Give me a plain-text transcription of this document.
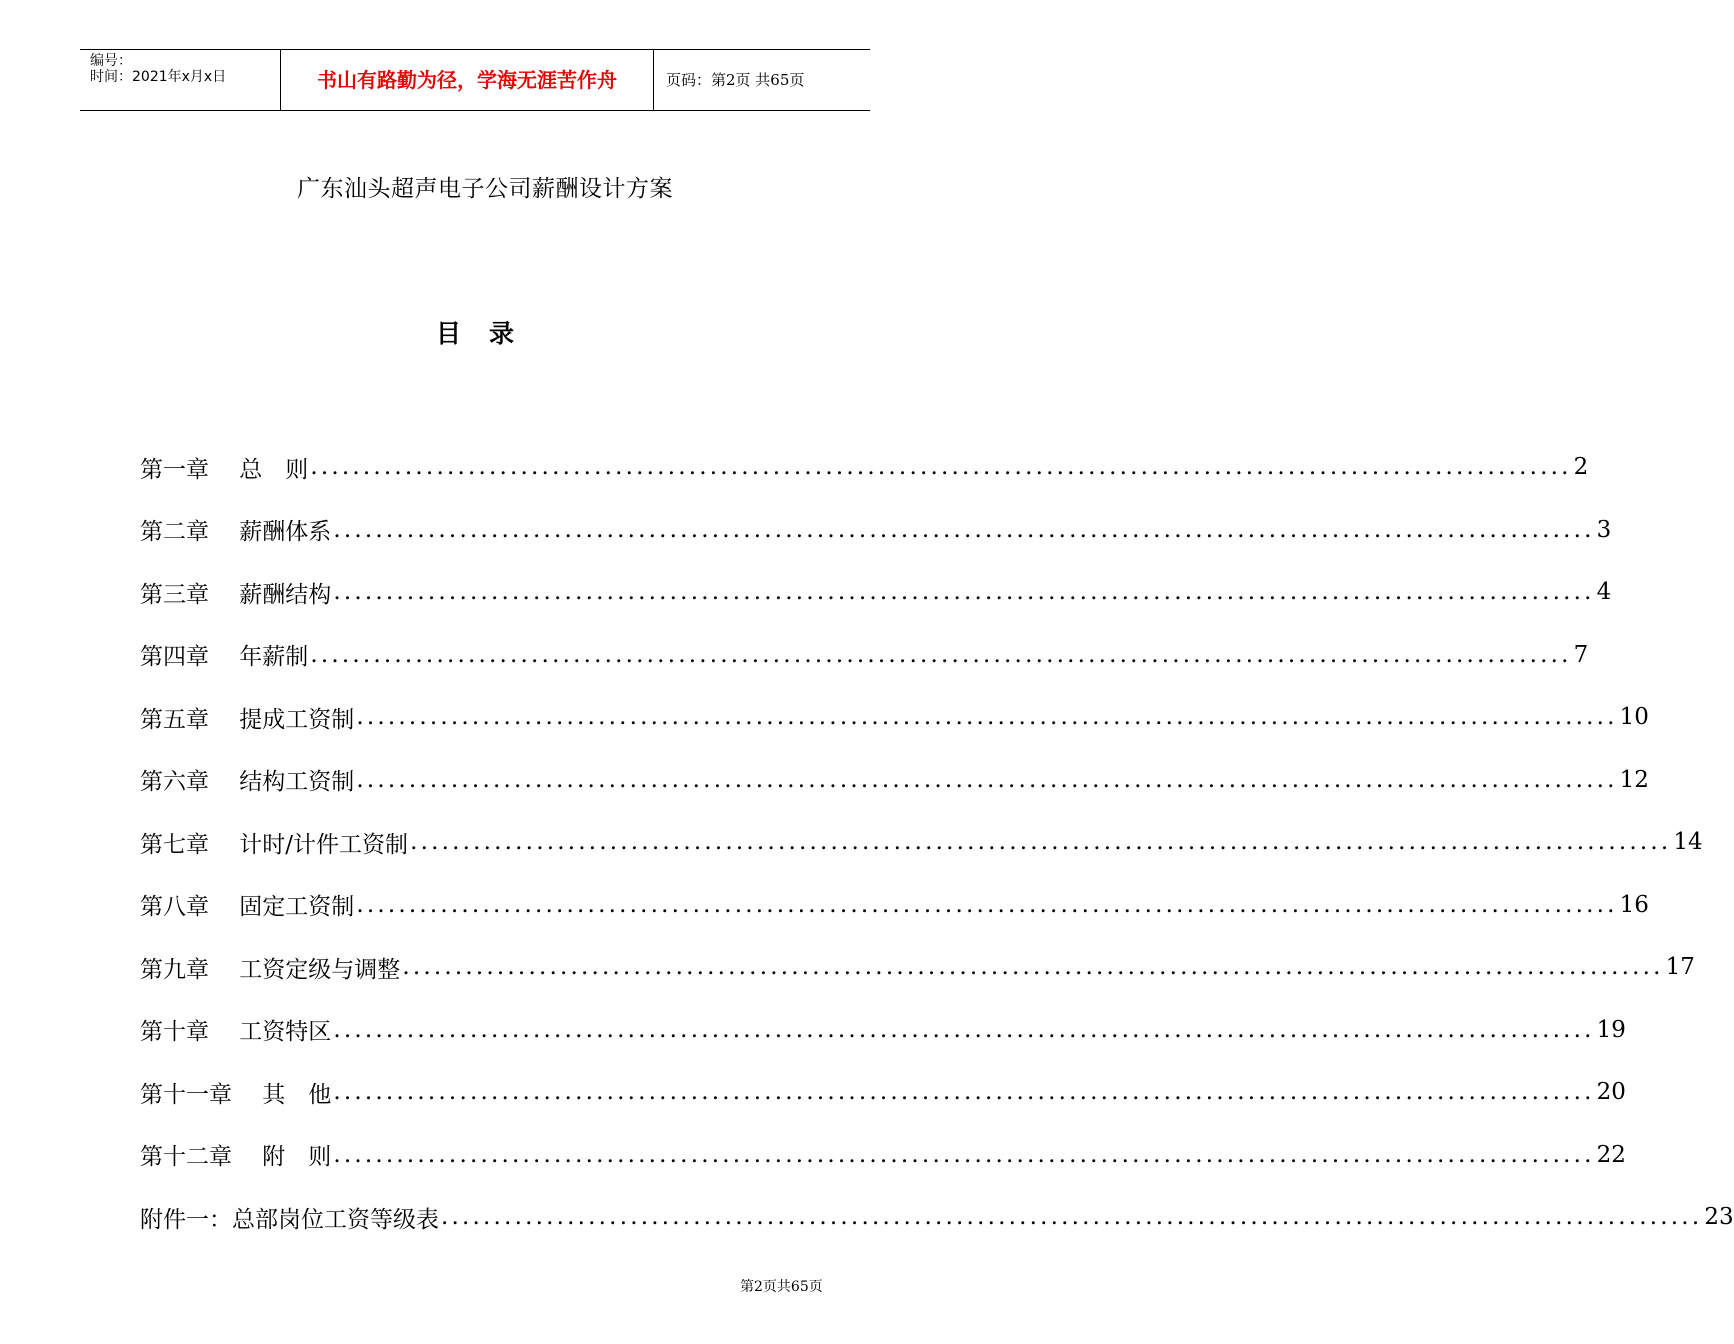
编号：
时间：2021年x月x日	书山有路勤为径，学海无涯苦作舟	页码：第2页 共65页
广东汕头超声电子公司薪酬设计方案
目录
第一章　 总　则 ........................................................................................................................ 2
第二章　 薪酬体系 ........................................................................................................................ 3
第三章　 薪酬结构 ........................................................................................................................ 4
第四章　 年薪制 ........................................................................................................................ 7
第五章　 提成工资制 ........................................................................................................................ 10
第六章　 结构工资制 ........................................................................................................................ 12
第七章　 计时/计件工资制 ........................................................................................................................ 14
第八章　 固定工资制 ........................................................................................................................ 16
第九章　 工资定级与调整 ........................................................................................................................ 17
第十章　 工资特区 ........................................................................................................................ 19
第十一章　 其　他 ........................................................................................................................ 20
第十二章　 附　则 ........................................................................................................................ 22
附件一：总部岗位工资等级表 ........................................................................................................................ 23
第2页共65页
